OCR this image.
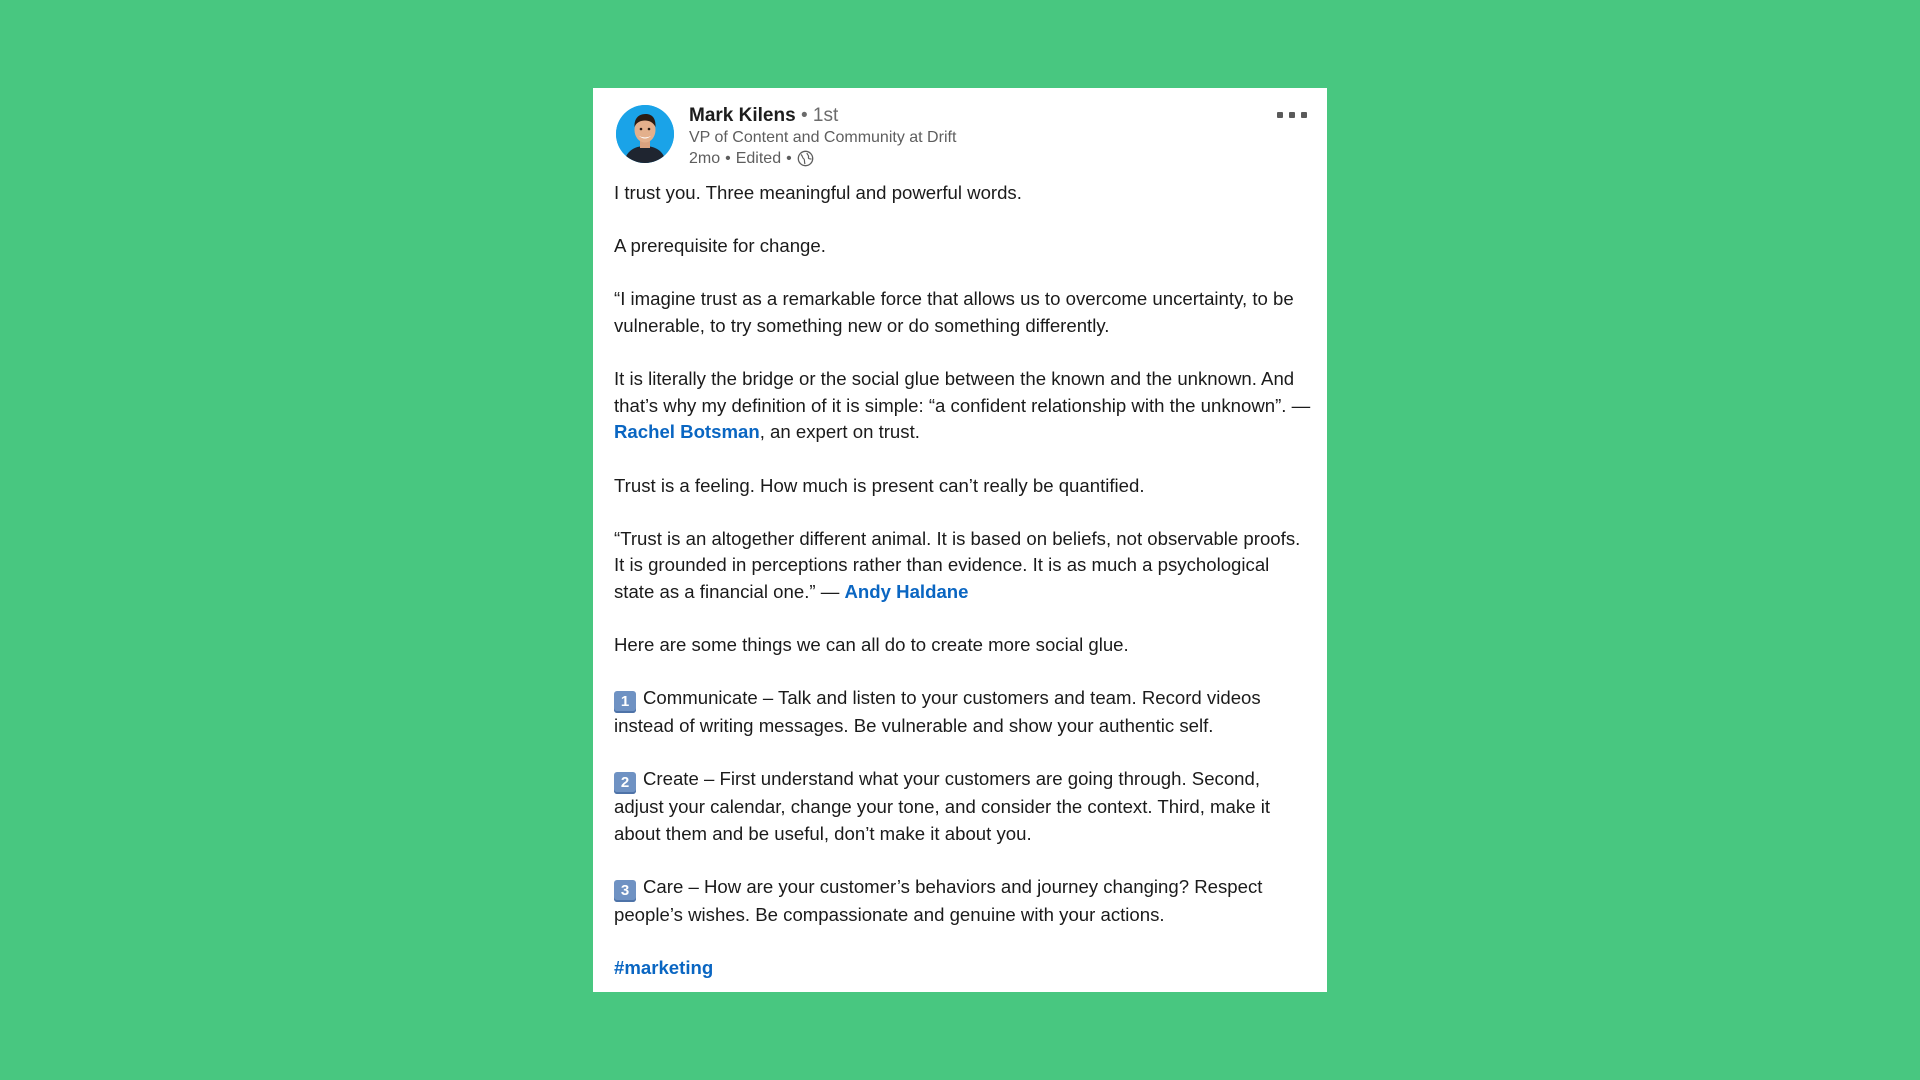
Mark Kilens • 1st
VP of Content and Community at Drift
2mo • Edited •

I trust you. Three meaningful and powerful words.

A prerequisite for change.

“I imagine trust as a remarkable force that allows us to overcome uncertainty, to be vulnerable, to try something new or do something differently.

It is literally the bridge or the social glue between the known and the unknown. And that’s why my definition of it is simple: “a confident relationship with the unknown”. — Rachel Botsman, an expert on trust.

Trust is a feeling. How much is present can’t really be quantified.

“Trust is an altogether different animal. It is based on beliefs, not observable proofs. It is grounded in perceptions rather than evidence. It is as much a psychological state as a financial one.” — Andy Haldane

Here are some things we can all do to create more social glue.

1 Communicate – Talk and listen to your customers and team. Record videos instead of writing messages. Be vulnerable and show your authentic self.

2 Create – First understand what your customers are going through. Second, adjust your calendar, change your tone, and consider the context. Third, make it about them and be useful, don’t make it about you.

3 Care – How are your customer’s behaviors and journey changing? Respect people’s wishes. Be compassionate and genuine with your actions.

#marketing
